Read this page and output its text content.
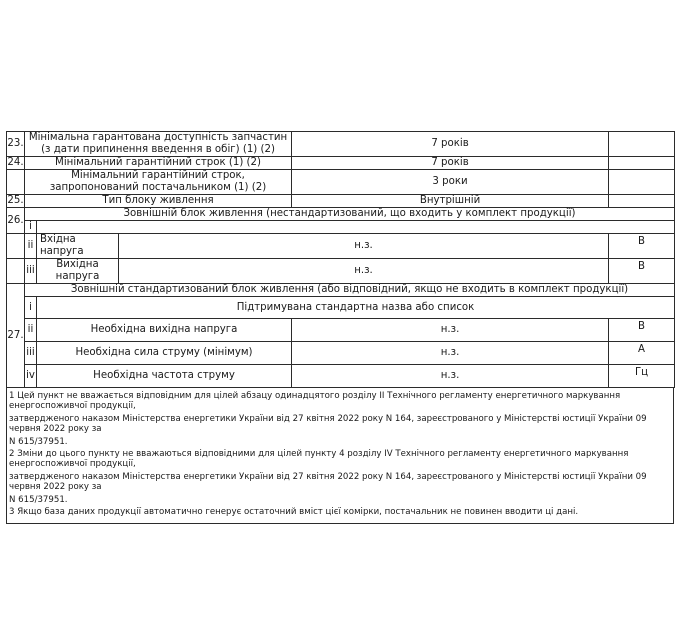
23.	Мінімальна гарантована доступність запчастин (з дати припинення введення в обіг) (1) (2)			7 років	
24.	Мінімальний гарантійний строк (1) (2)			7 років	
	Мінімальний гарантійний строк, запропонований постачальником (1) (2)			3 роки	
25.	Тип блоку живлення			Внутрішній	
26.	Зовнішній блок живлення (нестандартизований, що входить у комплект продукції)				
	i				
	ii	Вхідна напруга	н.з.		В
	iii	Вихідна напруга	н.з.		В
27.	Зовнішній стандартизований блок живлення (або відповідний, якщо не входить в комплект продукції)				
	i	Підтримувана стандартна назва або список			
	ii	Необхідна вихідна напруга		н.з.	В
	iii	Необхідна сила струму (мінімум)		н.з.	А
	iv	Необхідна частота струму		н.з.	Гц
1 Цей пункт не вважається відповідним для цілей абзацу одинадцятого розділу II Технічного регламенту енергетичного маркування енергоспоживчої продукції,
затвердженого наказом Міністерства енергетики України від 27 квітня 2022 року N 164, зареєстрованого у Міністерстві юстиції України 09 червня 2022 року за
N 615/37951.
2 Зміни до цього пункту не вважаються відповідними для цілей пункту 4 розділу IV Технічного регламенту енергетичного маркування енергоспоживчої продукції,
затвердженого наказом Міністерства енергетики України від 27 квітня 2022 року N 164, зареєстрованого у Міністерстві юстиції України 09 червня 2022 року за
N 615/37951.
3 Якщо база даних продукції автоматично генерує остаточний вміст цієї комірки, постачальник не повинен вводити ці дані.
